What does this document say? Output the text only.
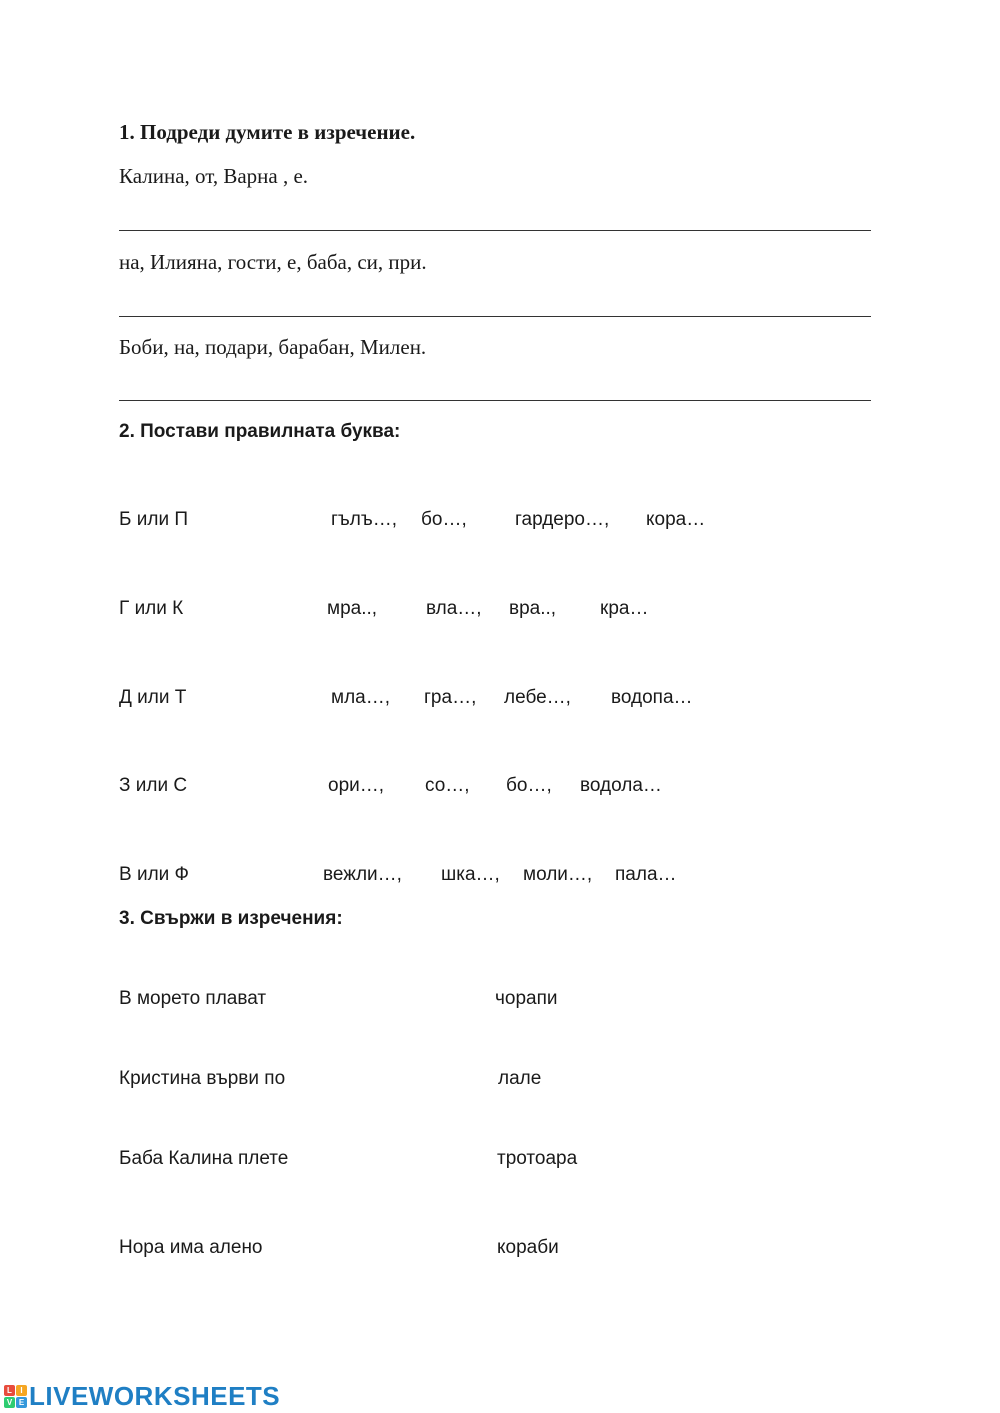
1. Подреди думите в изречение.
Калина, от, Варна , е.
на, Илияна, гости, е, баба, си, при.
Боби, на, подари, барабан, Милен.
2. Постави правилната буква:
Б или П	гълъ…, бо…,	гардеро…, кора…
Г или К	мра..,	вла…, вра.., кра…
Д или Т	мла…, гра…, лебе…, водопа…
З или С	ори…, со…, бо…, водола…
В или Ф	вежли…, шка…, моли…, пала…
3. Свържи в изречения:
В морето плават	чорапи
Кристина върви по	лале
Баба Калина плете	тротоара
Нора има алено	кораби
L	I
V E LIVEWORKSHEETS
